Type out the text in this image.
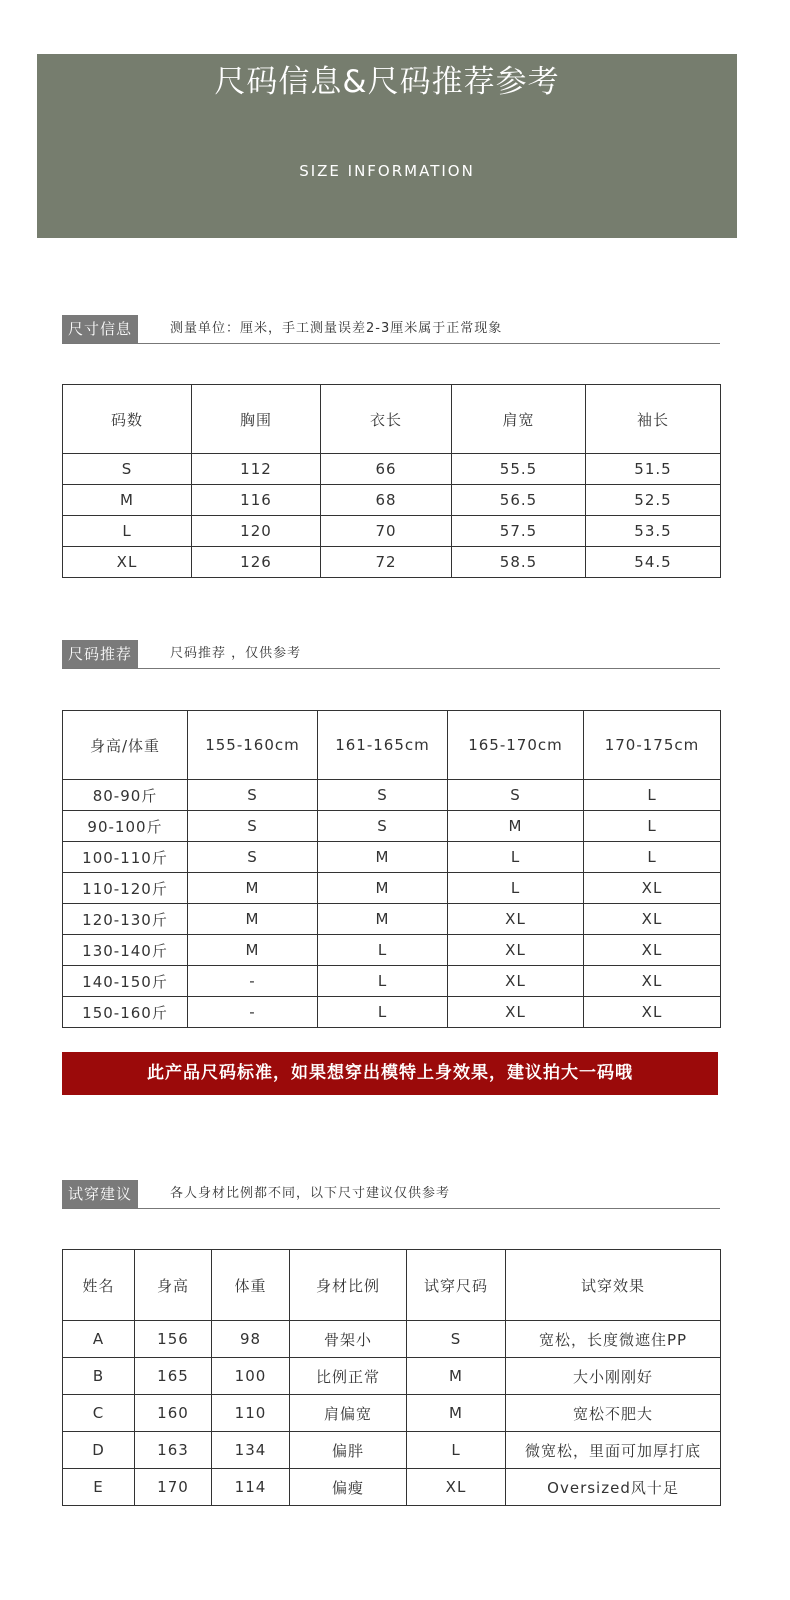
尺码信息&尺码推荐参考
SIZE INFORMATION
尺寸信息	测量单位：厘米，手工测量误差2-3厘米属于正常现象
码数	胸围	衣长	肩宽	袖长
S	112	66	55.5	51.5
M	116	68	56.5	52.5
L	120	70	57.5	53.5
XL	126	72	58.5	54.5
尺码推荐	尺码推荐 ，仅供参考
身高/体重	155-160cm	161-165cm	165-170cm	170-175cm
80-90斤	S	S	S	L
90-100斤	S	S	M	L
100-110斤	S	M	L	L
110-120斤	M	M	L	XL
120-130斤	M	M	XL	XL
130-140斤	M	L	XL	XL
140-150斤	-	L	XL	XL
150-160斤	-	L	XL	XL
此产品尺码标准，如果想穿出模特上身效果，建议拍大一码哦
试穿建议	各人身材比例都不同，以下尺寸建议仅供参考
姓名	身高	体重	身材比例	试穿尺码	试穿效果
A	156	98	骨架小	S	宽松，长度微遮住PP
B	165	100	比例正常	M	大小刚刚好
C	160	110	肩偏宽	M	宽松不肥大
D	163	134	偏胖	L	微宽松，里面可加厚打底
E	170	114	偏瘦	XL	Oversized风十足
